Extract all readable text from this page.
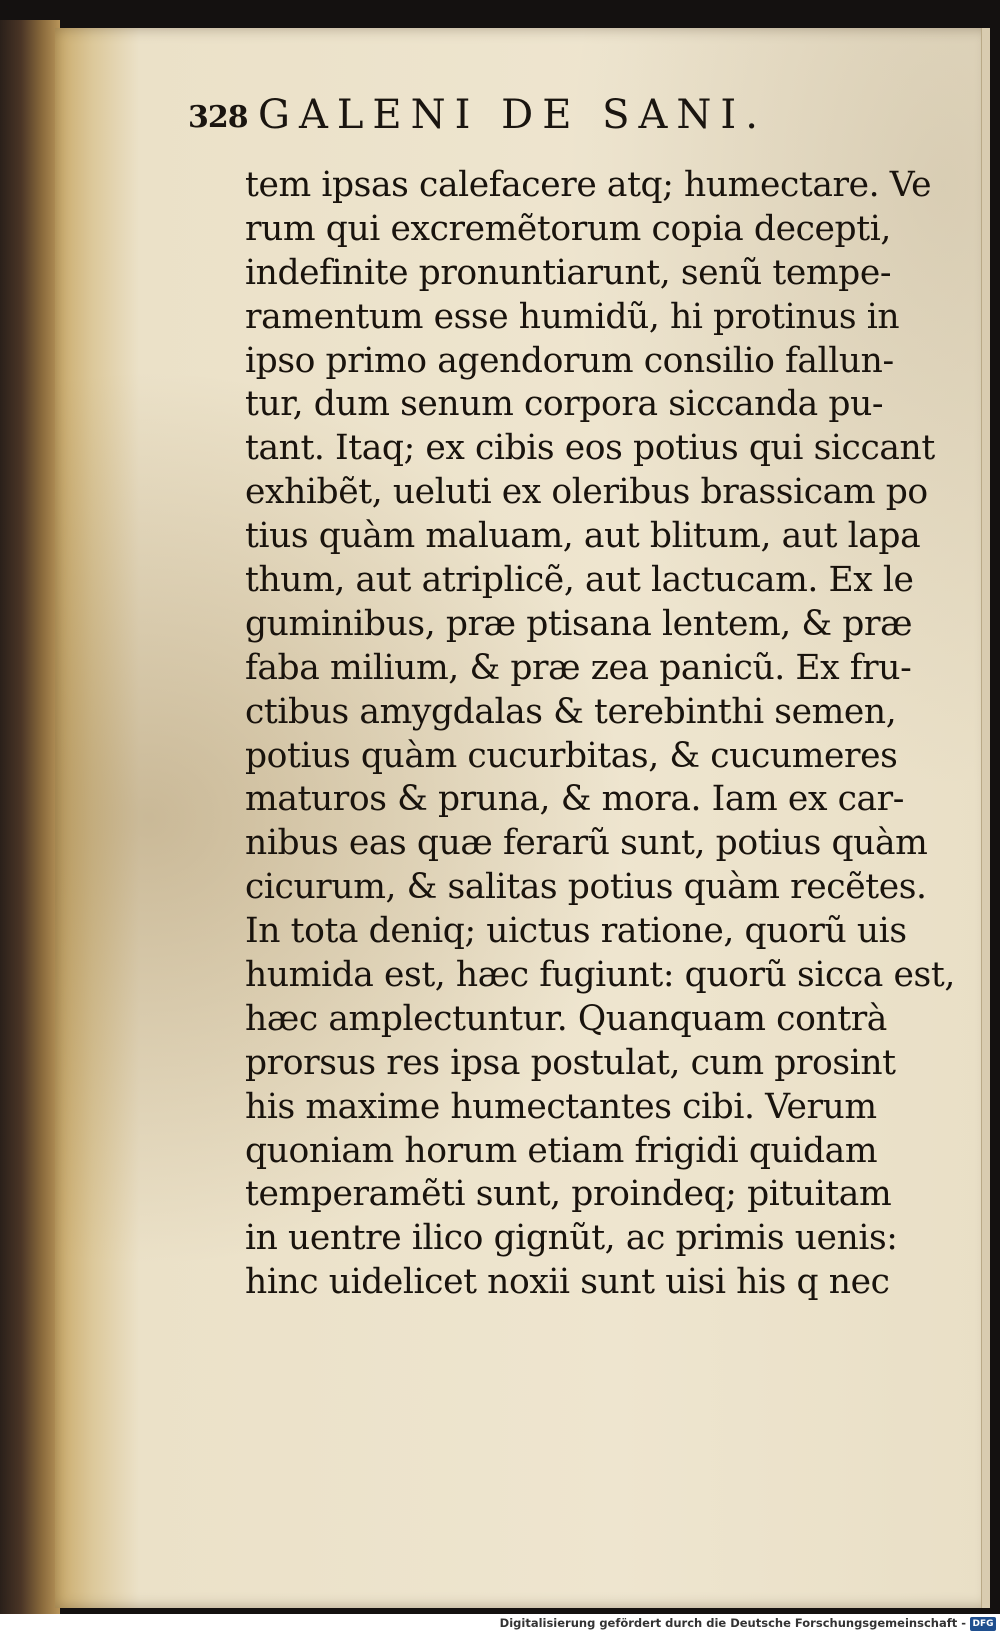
328 GALENI DE SANI.
tem ipsas calefacere atq; humectare. Ve
rum qui excremẽtorum copia decepti,
indefinite pronuntiarunt, senũ tempe-
ramentum esse humidũ, hi protinus in
ipso primo agendorum consilio fallun-
tur, dum senum corpora siccanda pu-
tant. Itaq; ex cibis eos potius qui siccant
exhibẽt, ueluti ex oleribus brassicam po
tius quàm maluam, aut blitum, aut lapa
thum, aut atriplicẽ, aut lactucam. Ex le
guminibus, præ ptisana lentem, & præ
faba milium, & præ zea panicũ. Ex fru-
ctibus amygdalas & terebinthi semen,
potius quàm cucurbitas, & cucumeres
maturos & pruna, & mora. Iam ex car-
nibus eas quæ ferarũ sunt, potius quàm
cicurum, & salitas potius quàm recẽtes.
In tota deniq; uictus ratione, quorũ uis
humida est, hæc fugiunt: quorũ sicca est,
hæc amplectuntur. Quanquam contrà
prorsus res ipsa postulat, cum prosint
his maxime humectantes cibi. Verum
quoniam horum etiam frigidi quidam
temperamẽti sunt, proindeq; pituitam
in uentre ilico gignũt, ac primis uenis:
hinc uidelicet noxii sunt uisi his q nec
Digitalisierung gefördert durch die Deutsche Forschungsgemeinschaft - DFG
